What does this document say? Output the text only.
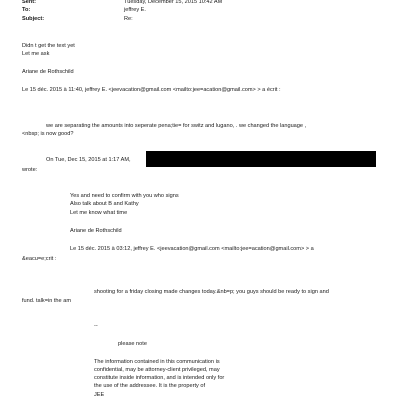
Sent:	Tuesday, December 15, 2015 10:42 AM
To:	jeffrey E.
Subject:	Re:
Didn t get the text yet
Let me ask
Ariane de Rothschild
Le 15 déc. 2015 à 11:40, jeffrey E. <jeevacation@gmail.com <mailto:jee=acation@gmail.com> > a écrit :
we are separating the amounts into seperate pena;tie= for switz and lugano, . we changed the language ,
<nbsp; is now good?
On Tue, Dec 15, 2015 at 1:17 AM,
wrote:
Yes and need to confirm with you who signs
Also talk about B and Kathy
Let me know what time
Ariane de Rothschild
Le 15 déc. 2015 à 03:12, jeffrey E. <jeevacation@gmail.com <mailto:jee=acation@gmail.com> > a
&eacu=e;crit :
shooting for a friday closing made changes today.&nb=p; you guys should be ready to sign and
fund. talk=in the am
--
please note
The information contained in this communication is
confidential, may be attorney-client privileged, may
constitute inside information, and is intended only for
the use of the addressee. It is the property of
JEE
